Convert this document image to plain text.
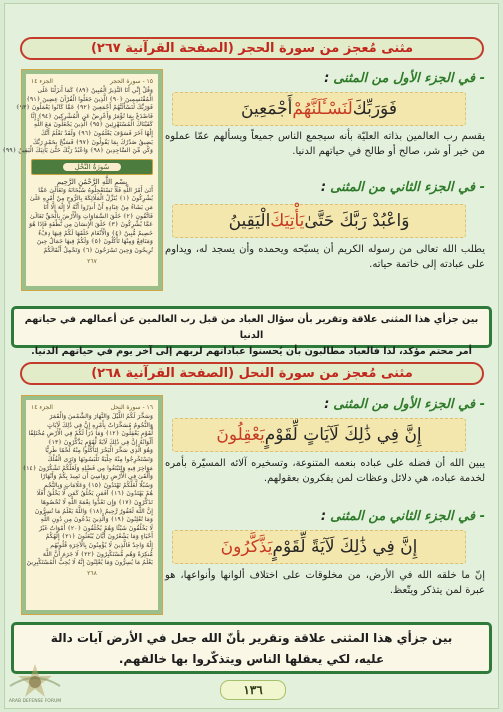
مثنى مُعجز من سورة الحجر (الصفحة القرآنية ٢٦٧)
١٥ - سورة الحجر
الجزء ١٤
وَقُلْ إِنِّي أَنَا النَّذِيرُ الْمُبِينُ ﴿٨٩﴾ كَمَا أَنزَلْنَا عَلَى
الْمُقْتَسِمِينَ ﴿٩٠﴾ الَّذِينَ جَعَلُوا الْقُرْآنَ عِضِينَ ﴿٩١﴾
فَوَرَبِّكَ لَنَسْأَلَنَّهُمْ أَجْمَعِينَ ﴿٩٢﴾ عَمَّا كَانُوا يَعْمَلُونَ ﴿٩٣﴾
فَاصْدَعْ بِمَا تُؤْمَرُ وَأَعْرِضْ عَنِ الْمُشْرِكِينَ ﴿٩٤﴾ إِنَّا
كَفَيْنَاكَ الْمُسْتَهْزِئِينَ ﴿٩٥﴾ الَّذِينَ يَجْعَلُونَ مَعَ اللَّهِ
إِلَٰهًا آخَرَ فَسَوْفَ يَعْلَمُونَ ﴿٩٦﴾ وَلَقَدْ نَعْلَمُ أَنَّكَ
يَضِيقُ صَدْرُكَ بِمَا يَقُولُونَ ﴿٩٧﴾ فَسَبِّحْ بِحَمْدِ رَبِّكَ
وَكُن مِّنَ السَّاجِدِينَ ﴿٩٨﴾ وَاعْبُدْ رَبَّكَ حَتَّىٰ يَأْتِيَكَ الْيَقِينُ ﴿٩٩﴾
سُورَةُ النَّحْلِ
بِسْمِ اللَّهِ الرَّحْمَٰنِ الرَّحِيمِ
أَتَىٰ أَمْرُ اللَّهِ فَلَا تَسْتَعْجِلُوهُ سُبْحَانَهُ وَتَعَالَىٰ عَمَّا
يُشْرِكُونَ ﴿١﴾ يُنَزِّلُ الْمَلَائِكَةَ بِالرُّوحِ مِنْ أَمْرِهِ عَلَىٰ
مَن يَشَاءُ مِنْ عِبَادِهِ أَنْ أَنذِرُوا أَنَّهُ لَا إِلَٰهَ إِلَّا أَنَا
فَاتَّقُونِ ﴿٢﴾ خَلَقَ السَّمَاوَاتِ وَالْأَرْضَ بِالْحَقِّ تَعَالَىٰ
عَمَّا يُشْرِكُونَ ﴿٣﴾ خَلَقَ الْإِنسَانَ مِن نُّطْفَةٍ فَإِذَا هُوَ
خَصِيمٌ مُّبِينٌ ﴿٤﴾ وَالْأَنْعَامَ خَلَقَهَا لَكُمْ فِيهَا دِفْءٌ
وَمَنَافِعُ وَمِنْهَا تَأْكُلُونَ ﴿٥﴾ وَلَكُمْ فِيهَا جَمَالٌ حِينَ
تُرِيحُونَ وَحِينَ تَسْرَحُونَ ﴿٦﴾ وَتَحْمِلُ أَثْقَالَكُمْ
٢٦٧
- في الجزء الأول من المثنى:
فَوَرَبِّكَ
لَنَسْـَٔلَنَّهُمْ
أَجْمَعِينَ
يقسم رب العالمين بذاته العليّة بأنه سيجمع الناس جميعاً ويسألهم عمّا عملوه من خير أو شر، صالح أو طالح في حياتهم الدنيا.
- في الجزء الثاني من المثنى:
وَاعْبُدْ رَبَّكَ حَتَّىٰ
يَأْتِيَكَ
الْيَقِينُ
يطلب الله تعالى من رسوله الكريم أن يسبّحه ويحمده وأن يسجد له، ويداوم على عبادته إلى خاتمة حياته.
بين جزأي هذا المثنى علاقة وتقرير بأن سؤال العباد من قبل رب العالمين عن أعمالهم في حياتهم الدنيا
أمر محتم مؤكد، لذا فالعباد مطالبون بأن يُحسنوا عباداتهم لربهم إلى آخر يوم في حياتهم الدنيا.
مثنى مُعجز من سورة النحل (الصفحة القرآنية ٢٦٨)
١٦ - سورة النحل
الجزء ١٤
وَسَخَّرَ لَكُمُ اللَّيْلَ وَالنَّهَارَ وَالشَّمْسَ وَالْقَمَرَ
وَالنُّجُومُ مُسَخَّرَاتٌ بِأَمْرِهِ إِنَّ فِي ذَٰلِكَ لَآيَاتٍ
لِّقَوْمٍ يَعْقِلُونَ ﴿١٢﴾ وَمَا ذَرَأَ لَكُمْ فِي الْأَرْضِ مُخْتَلِفًا
أَلْوَانُهُ إِنَّ فِي ذَٰلِكَ لَآيَةً لِّقَوْمٍ يَذَّكَّرُونَ ﴿١٣﴾
وَهُوَ الَّذِي سَخَّرَ الْبَحْرَ لِتَأْكُلُوا مِنْهُ لَحْمًا طَرِيًّا
وَتَسْتَخْرِجُوا مِنْهُ حِلْيَةً تَلْبَسُونَهَا وَتَرَى الْفُلْكَ
مَوَاخِرَ فِيهِ وَلِتَبْتَغُوا مِن فَضْلِهِ وَلَعَلَّكُمْ تَشْكُرُونَ ﴿١٤﴾
وَأَلْقَىٰ فِي الْأَرْضِ رَوَاسِيَ أَن تَمِيدَ بِكُمْ وَأَنْهَارًا
وَسُبُلًا لَّعَلَّكُمْ تَهْتَدُونَ ﴿١٥﴾ وَعَلَامَاتٍ وَبِالنَّجْمِ
هُمْ يَهْتَدُونَ ﴿١٦﴾ أَفَمَن يَخْلُقُ كَمَن لَّا يَخْلُقُ أَفَلَا
تَذَكَّرُونَ ﴿١٧﴾ وَإِن تَعُدُّوا نِعْمَةَ اللَّهِ لَا تُحْصُوهَا
إِنَّ اللَّهَ لَغَفُورٌ رَّحِيمٌ ﴿١٨﴾ وَاللَّهُ يَعْلَمُ مَا تُسِرُّونَ
وَمَا تُعْلِنُونَ ﴿١٩﴾ وَالَّذِينَ يَدْعُونَ مِن دُونِ اللَّهِ
لَا يَخْلُقُونَ شَيْئًا وَهُمْ يُخْلَقُونَ ﴿٢٠﴾ أَمْوَاتٌ غَيْرُ
أَحْيَاءٍ وَمَا يَشْعُرُونَ أَيَّانَ يُبْعَثُونَ ﴿٢١﴾ إِلَٰهُكُمْ
إِلَٰهٌ وَاحِدٌ فَالَّذِينَ لَا يُؤْمِنُونَ بِالْآخِرَةِ قُلُوبُهُم
مُّنكِرَةٌ وَهُم مُّسْتَكْبِرُونَ ﴿٢٢﴾ لَا جَرَمَ أَنَّ اللَّهَ
يَعْلَمُ مَا يُسِرُّونَ وَمَا يُعْلِنُونَ إِنَّهُ لَا يُحِبُّ الْمُسْتَكْبِرِينَ
٢٦٨
- في الجزء الأول من المثنى:
إِنَّ فِي ذَٰلِكَ لَآيَاتٍ لِّقَوْمٍ
يَعْقِلُونَ
يبين الله أن فضله على عباده بنعمه المتنوعة، وتسخيره آلائه المسيّرة بأمره لخدمة عباده، هي دلائل وعظات لمن يفكرون بعقولهم.
- في الجزء الثاني من المثنى:
إِنَّ فِي ذَٰلِكَ لَآيَةً لِّقَوْمٍ
يَذَّكَّرُونَ
إنّ ما خلقه الله في الأرض، من مخلوقات على اختلاف ألوانها وأنواعها، هو عبرة لمن يتذكر ويتّعظ.
بين جزأي هذا المثنى علاقة وتقرير بأنّ الله جعل في الأرض آيات دالة
عليه، لكي يعقلها الناس ويتذكّروا بها خالقهم.
١٣٦
ARAB DEFENSE FORUM
